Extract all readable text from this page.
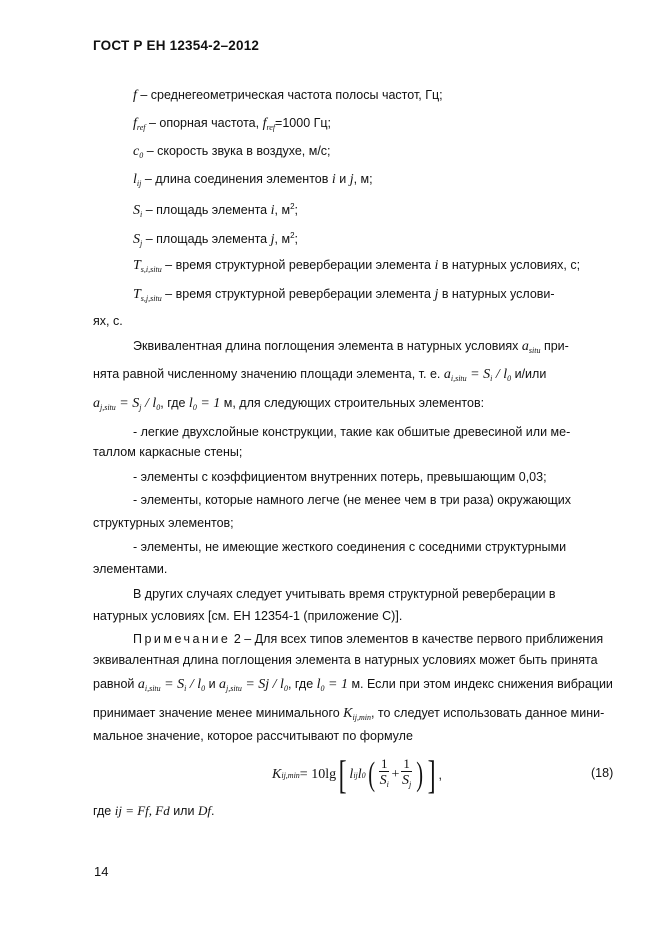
ГОСТ Р ЕН 12354-2–2012
f – среднегеометрическая частота полосы частот, Гц;
$f_{ref}$ – опорная частота, $f_{ref}=1000$ Гц;
$c_0$ – скорость звука в воздухе, м/с;
$l_{ij}$ – длина соединения элементов i и j, м;
$S_i$ – площадь элемента i, $м^2$;
$S_j$ – площадь элемента j, $м^2$;
$T_{s,i,situ}$ – время структурной реверберации элемента i в натурных условиях, с;
$T_{s,j,situ}$ – время структурной реверберации элемента j в натурных услови-
ях, с.
Эквивалентная длина поглощения элемента в натурных условиях $a_{situ}$ при-
нята равной численному значению площади элемента, т. е. $a_{i,situ} = S_i / l_0$ и/или
$a_{j,situ} = S_j / l_0$, где $l_0 = 1$ м, для следующих строительных элементов:
- легкие двухслойные конструкции, такие как обшитые древесиной или ме-
таллом каркасные стены;
- элементы с коэффициентом внутренних потерь, превышающим 0,03;
- элементы, которые намного легче (не менее чем в три раза) окружающих
структурных элементов;
- элементы, не имеющие жесткого соединения с соседними структурными
элементами.
В других случаях следует учитывать время структурной реверберации в
натурных условиях [см. ЕН 12354-1 (приложение С)].
Примечание 2 – Для всех типов элементов в качестве первого приближения
эквивалентная длина поглощения элемента в натурных условиях может быть принята
равной $a_{i,situ} = S_i / l_0$ и $a_{j,situ} = Sj / l_0$, где $l_0 = 1$ м. Если при этом индекс снижения вибрации
принимает значение менее минимального $K_{ij,min}$, то следует использовать данное мини-
мальное значение, которое рассчитывают по формуле
K ij,min = 10lg [ l ij l 0 ( $\frac{1}{S_i} + \frac{1}{S_j}$ ) ] ,	(18)
где ij = Ff, Fd или Df.
14
